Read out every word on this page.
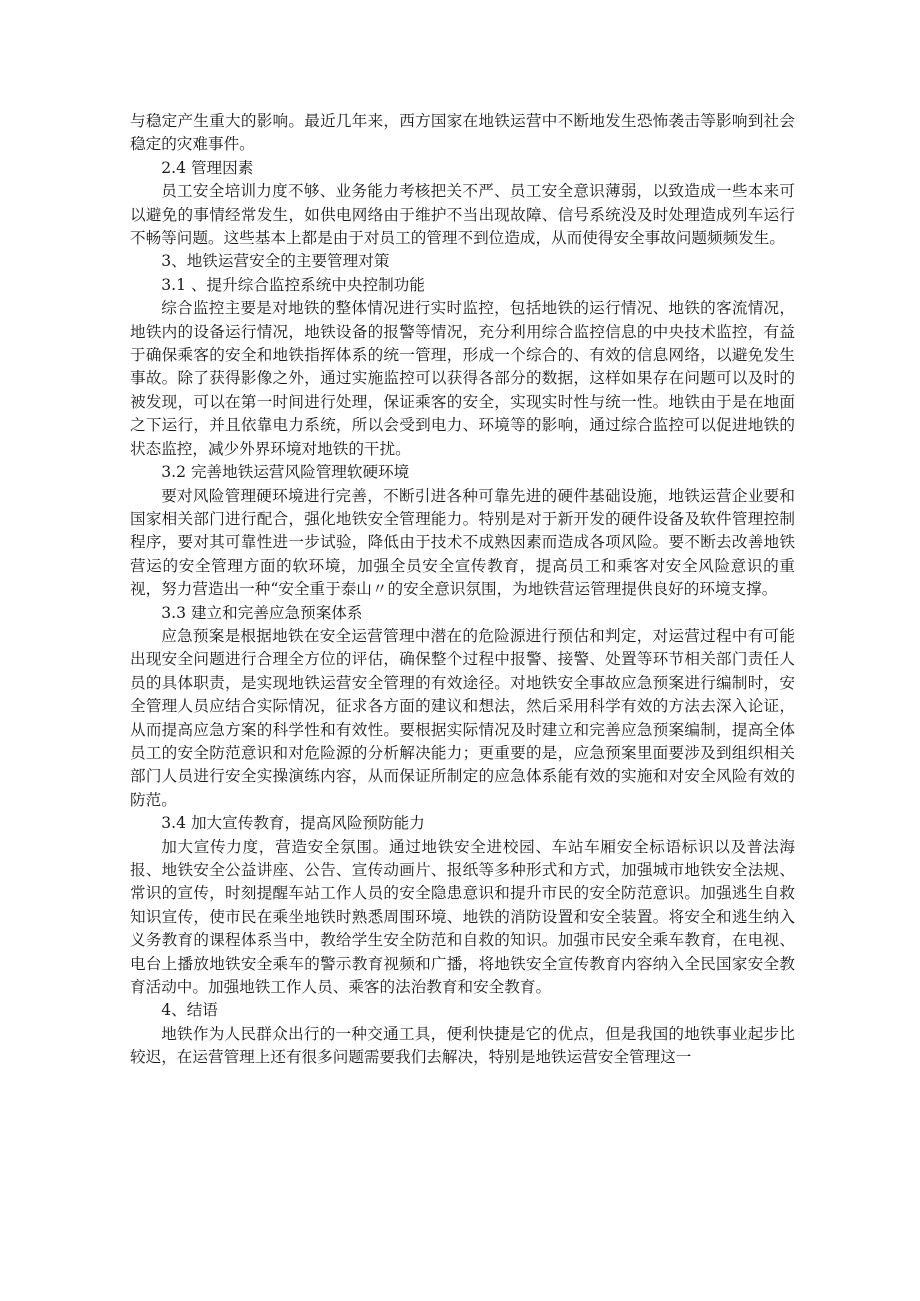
与稳定产生重大的影响。最近几年来，西方国家在地铁运营中不断地发生恐怖袭击等影响到社会稳定的灾难事件。

2.4 管理因素

员工安全培训力度不够、业务能力考核把关不严、员工安全意识薄弱，以致造成一些本来可以避免的事情经常发生，如供电网络由于维护不当出现故障、信号系统没及时处理造成列车运行不畅等问题。这些基本上都是由于对员工的管理不到位造成，从而使得安全事故问题频频发生。

3、地铁运营安全的主要管理对策

3.1 、提升综合监控系统中央控制功能

综合监控主要是对地铁的整体情况进行实时监控，包括地铁的运行情况、地铁的客流情况，地铁内的设备运行情况，地铁设备的报警等情况，充分利用综合监控信息的中央技术监控，有益于确保乘客的安全和地铁指挥体系的统一管理，形成一个综合的、有效的信息网络，以避免发生事故。除了获得影像之外，通过实施监控可以获得各部分的数据，这样如果存在问题可以及时的被发现，可以在第一时间进行处理，保证乘客的安全，实现实时性与统一性。地铁由于是在地面之下运行，并且依靠电力系统，所以会受到电力、环境等的影响，通过综合监控可以促进地铁的状态监控，减少外界环境对地铁的干扰。

3.2 完善地铁运营风险管理软硬环境

要对风险管理硬环境进行完善，不断引进各种可靠先进的硬件基础设施，地铁运营企业要和国家相关部门进行配合，强化地铁安全管理能力。特别是对于新开发的硬件设备及软件管理控制程序，要对其可靠性进一步试验，降低由于技术不成熟因素而造成各项风险。要不断去改善地铁营运的安全管理方面的软环境，加强全员安全宣传教育，提高员工和乘客对安全风险意识的重视，努力营造出一种“安全重于泰山〃的安全意识氛围，为地铁营运管理提供良好的环境支撑。

3.3 建立和完善应急预案体系

应急预案是根据地铁在安全运营管理中潜在的危险源进行预估和判定，对运营过程中有可能出现安全问题进行合理全方位的评估，确保整个过程中报警、接警、处置等环节相关部门责任人员的具体职责，是实现地铁运营安全管理的有效途径。对地铁安全事故应急预案进行编制时，安全管理人员应结合实际情况，征求各方面的建议和想法，然后采用科学有效的方法去深入论证，从而提高应急方案的科学性和有效性。要根据实际情况及时建立和完善应急预案编制，提高全体员工的安全防范意识和对危险源的分析解决能力；更重要的是，应急预案里面要涉及到组织相关部门人员进行安全实操演练内容，从而保证所制定的应急体系能有效的实施和对安全风险有效的防范。

3.4 加大宣传教育，提高风险预防能力

加大宣传力度，营造安全氛围。通过地铁安全进校园、车站车厢安全标语标识以及普法海报、地铁安全公益讲座、公告、宣传动画片、报纸等多种形式和方式，加强城市地铁安全法规、常识的宣传，时刻提醒车站工作人员的安全隐患意识和提升市民的安全防范意识。加强逃生自救知识宣传，使市民在乘坐地铁时熟悉周围环境、地铁的消防设置和安全装置。将安全和逃生纳入义务教育的课程体系当中，教给学生安全防范和自救的知识。加强市民安全乘车教育，在电视、电台上播放地铁安全乘车的警示教育视频和广播，将地铁安全宣传教育内容纳入全民国家安全教育活动中。加强地铁工作人员、乘客的法治教育和安全教育。

4、结语

地铁作为人民群众出行的一种交通工具，便利快捷是它的优点，但是我国的地铁事业起步比较迟，在运营管理上还有很多问题需要我们去解决，特别是地铁运营安全管理这一
